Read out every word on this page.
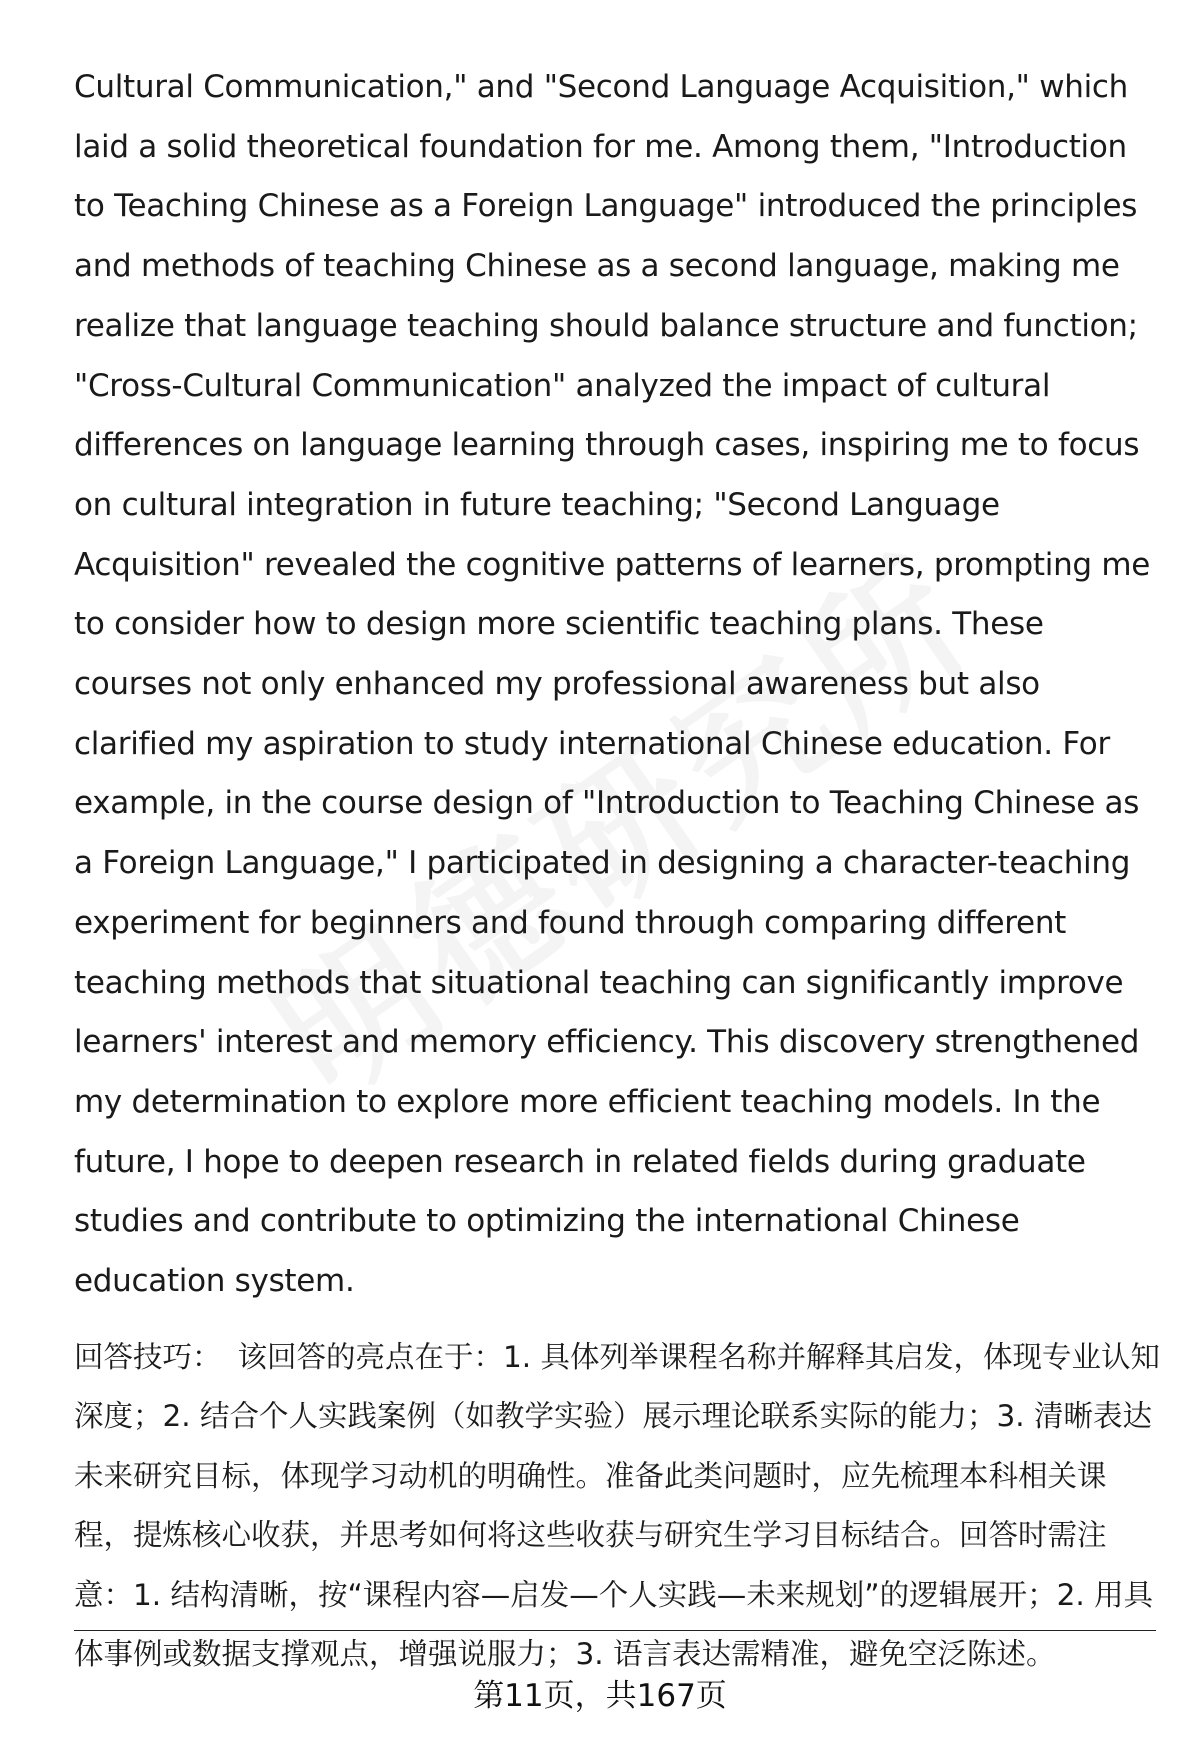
Cultural Communication," and "Second Language Acquisition," which laid a solid theoretical foundation for me. Among them, "Introduction to Teaching Chinese as a Foreign Language" introduced the principles and methods of teaching Chinese as a second language, making me realize that language teaching should balance structure and function; "Cross-Cultural Communication" analyzed the impact of cultural differences on language learning through cases, inspiring me to focus on cultural integration in future teaching; "Second Language Acquisition" revealed the cognitive patterns of learners, prompting me to consider how to design more scientific teaching plans. These courses not only enhanced my professional awareness but also clarified my aspiration to study international Chinese education. For example, in the course design of "Introduction to Teaching Chinese as a Foreign Language," I participated in designing a character-teaching experiment for beginners and found through comparing different teaching methods that situational teaching can significantly improve learners' interest and memory efficiency. This discovery strengthened my determination to explore more efficient teaching models. In the future, I hope to deepen research in related fields during graduate studies and contribute to optimizing the international Chinese education system.

回答技巧： 该回答的亮点在于：1. 具体列举课程名称并解释其启发，体现专业认知深度；2. 结合个人实践案例（如教学实验）展示理论联系实际的能力；3. 清晰表达未来研究目标，体现学习动机的明确性。准备此类问题时，应先梳理本科相关课程，提炼核心收获，并思考如何将这些收获与研究生学习目标结合。回答时需注意：1. 结构清晰，按“课程内容—启发—个人实践—未来规划”的逻辑展开；2. 用具体事例或数据支撑观点，增强说服力；3. 语言表达需精准，避免空泛陈述。
第11页，共167页
